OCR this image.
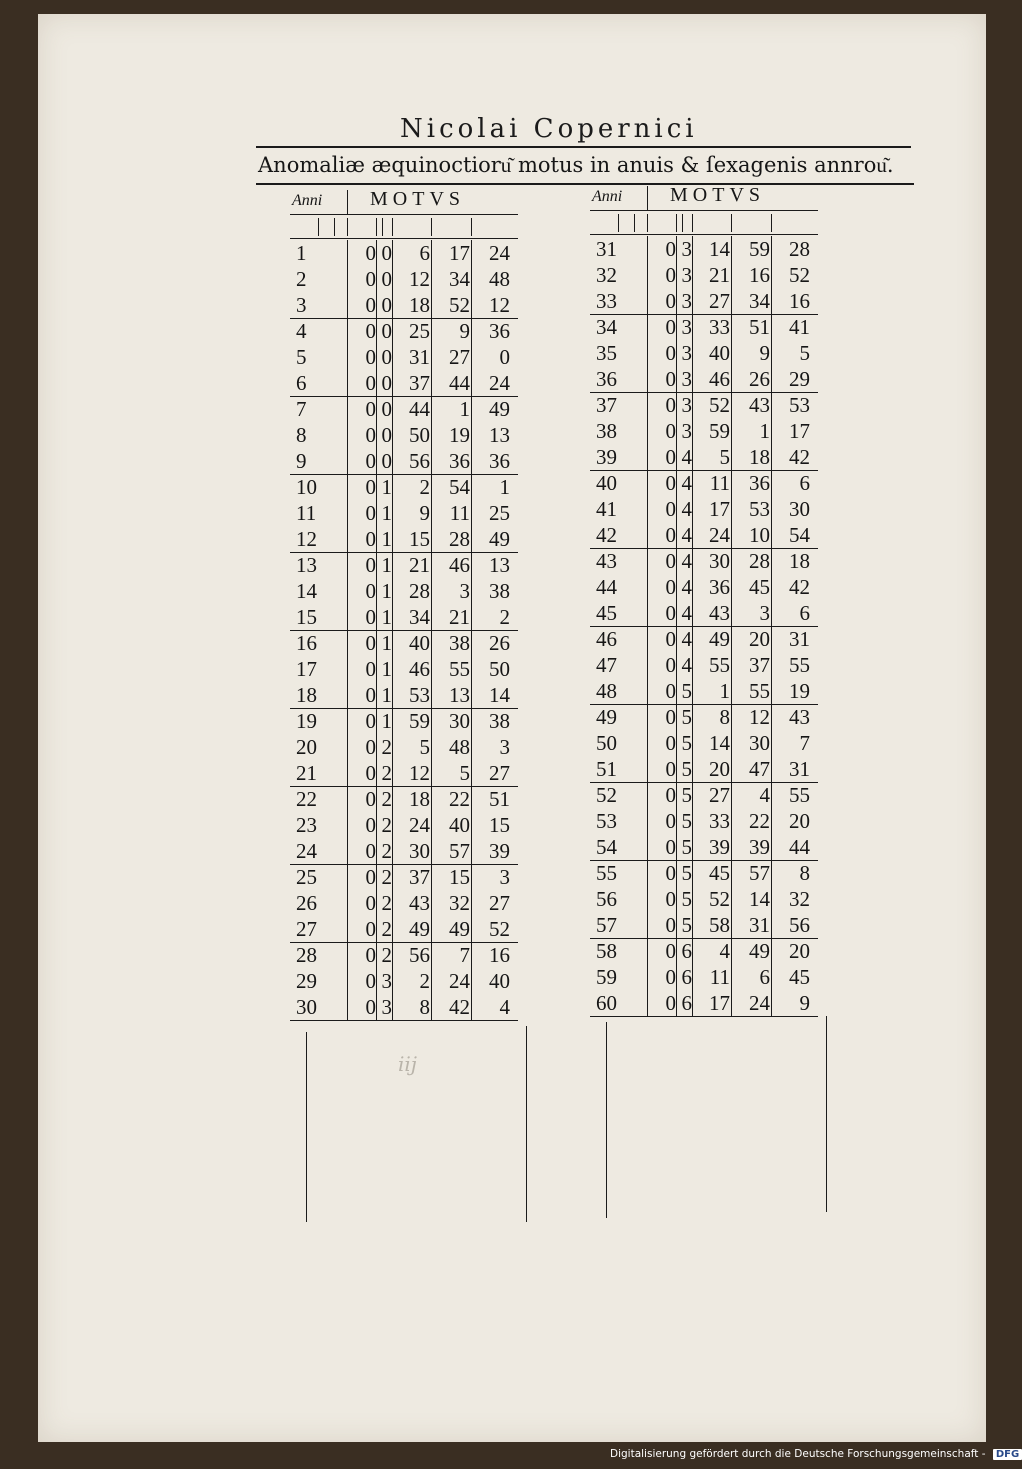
Nicolai Copernici
Anomaliæ æquinoctioru͂ motus in anuis & ſexagenis annrou͂.
Anni MOTVS
1	0 0	6 17 24
2	0 0 12 34 48
3	0 0 18 52 12
4	0 0 25	9 36
5	0 0 31 27	0
6	0 0 37 44 24
7	0 0 44	1 49
8	0 0 50 19 13
9	0 0 56 36 36
10	0 1	2 54	1
11	0 1	9 11 25
12	0 1 15 28 49
13	0 1 21 46 13
14	0 1 28	3 38
15	0 1 34 21	2
16	0 1 40 38 26
17	0 1 46 55 50
18	0 1 53 13 14
19	0 1 59 30 38
20	0 2	5 48	3
21	0 2 12	5 27
22	0 2 18 22 51
23	0 2 24 40 15
24	0 2 30 57 39
25	0 2 37 15	3
26	0 2 43 32 27
27	0 2 49 49 52
28	0 2 56	7 16
29	0 3	2 24 40
30	0 3	8 42	4
Anni MOTVS
31	0 3 14 59 28
32	0 3 21 16 52
33	0 3 27 34 16
34	0 3 33 51 41
35	0 3 40	9	5
36	0 3 46 26 29
37	0 3 52 43 53
38	0 3 59	1 17
39	0 4	5 18 42
40	0 4 11 36	6
41	0 4 17 53 30
42	0 4 24 10 54
43	0 4 30 28 18
44	0 4 36 45 42
45	0 4 43	3	6
46	0 4 49 20 31
47	0 4 55 37 55
48	0 5	1 55 19
49	0 5	8 12 43
50	0 5 14 30	7
51	0 5 20 47 31
52	0 5 27	4 55
53	0 5 33 22 20
54	0 5 39 39 44
55	0 5 45 57	8
56	0 5 52 14 32
57	0 5 58 31 56
58	0 6	4 49 20
59	0 6 11	6 45
60	0 6 17 24	9
iij
Digitalisierung gefördert durch die Deutsche Forschungsgemeinschaft - DFG
